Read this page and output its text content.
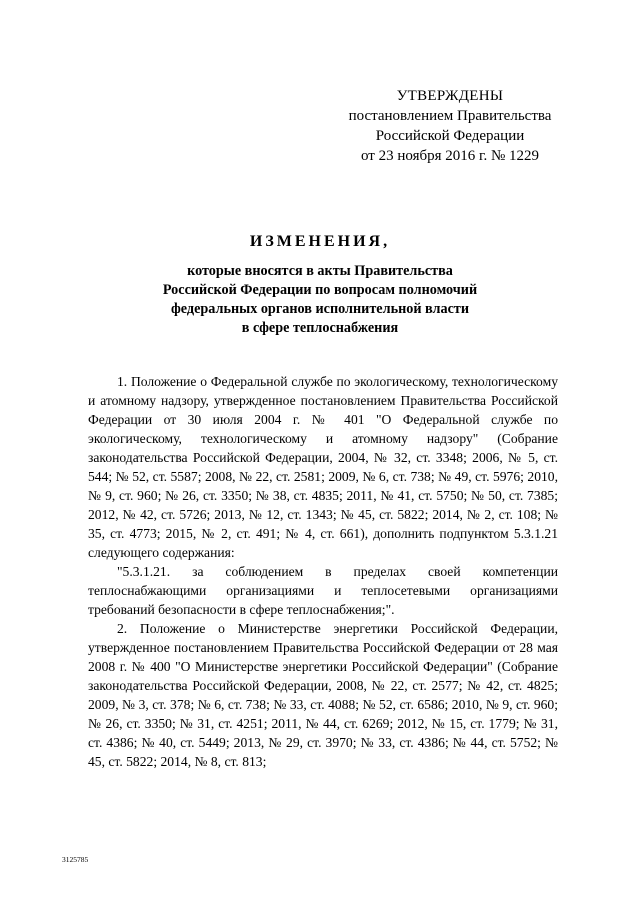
УТВЕРЖДЕНЫ
постановлением Правительства
Российской Федерации
от 23 ноября 2016 г. № 1229
ИЗМЕНЕНИЯ,
которые вносятся в акты Правительства
Российской Федерации по вопросам полномочий
федеральных органов исполнительной власти
в сфере теплоснабжения

1. Положение о Федеральной службе по экологическому, технологическому и атомному надзору, утвержденное постановлением Правительства Российской Федерации от 30 июля 2004 г. № 401 "О Федеральной службе по экологическому, технологическому и атомному надзору" (Собрание законодательства Российской Федерации, 2004, № 32, ст. 3348; 2006, № 5, ст. 544; № 52, ст. 5587; 2008, № 22, ст. 2581; 2009, № 6, ст. 738; № 49, ст. 5976; 2010, № 9, ст. 960; № 26, ст. 3350; № 38, ст. 4835; 2011, № 41, ст. 5750; № 50, ст. 7385; 2012, № 42, ст. 5726; 2013, № 12, ст. 1343; № 45, ст. 5822; 2014, № 2, ст. 108; № 35, ст. 4773; 2015, № 2, ст. 491; № 4, ст. 661), дополнить подпунктом 5.3.1.21 следующего содержания:

"5.3.1.21. за соблюдением в пределах своей компетенции теплоснабжающими организациями и теплосетевыми организациями требований безопасности в сфере теплоснабжения;".

2. Положение о Министерстве энергетики Российской Федерации, утвержденное постановлением Правительства Российской Федерации от 28 мая 2008 г. № 400 "О Министерстве энергетики Российской Федерации" (Собрание законодательства Российской Федерации, 2008, № 22, ст. 2577; № 42, ст. 4825; 2009, № 3, ст. 378; № 6, ст. 738; № 33, ст. 4088; № 52, ст. 6586; 2010, № 9, ст. 960; № 26, ст. 3350; № 31, ст. 4251; 2011, № 44, ст. 6269; 2012, № 15, ст. 1779; № 31, ст. 4386; № 40, ст. 5449; 2013, № 29, ст. 3970; № 33, ст. 4386; № 44, ст. 5752; № 45, ст. 5822; 2014, № 8, ст. 813;

3125785
